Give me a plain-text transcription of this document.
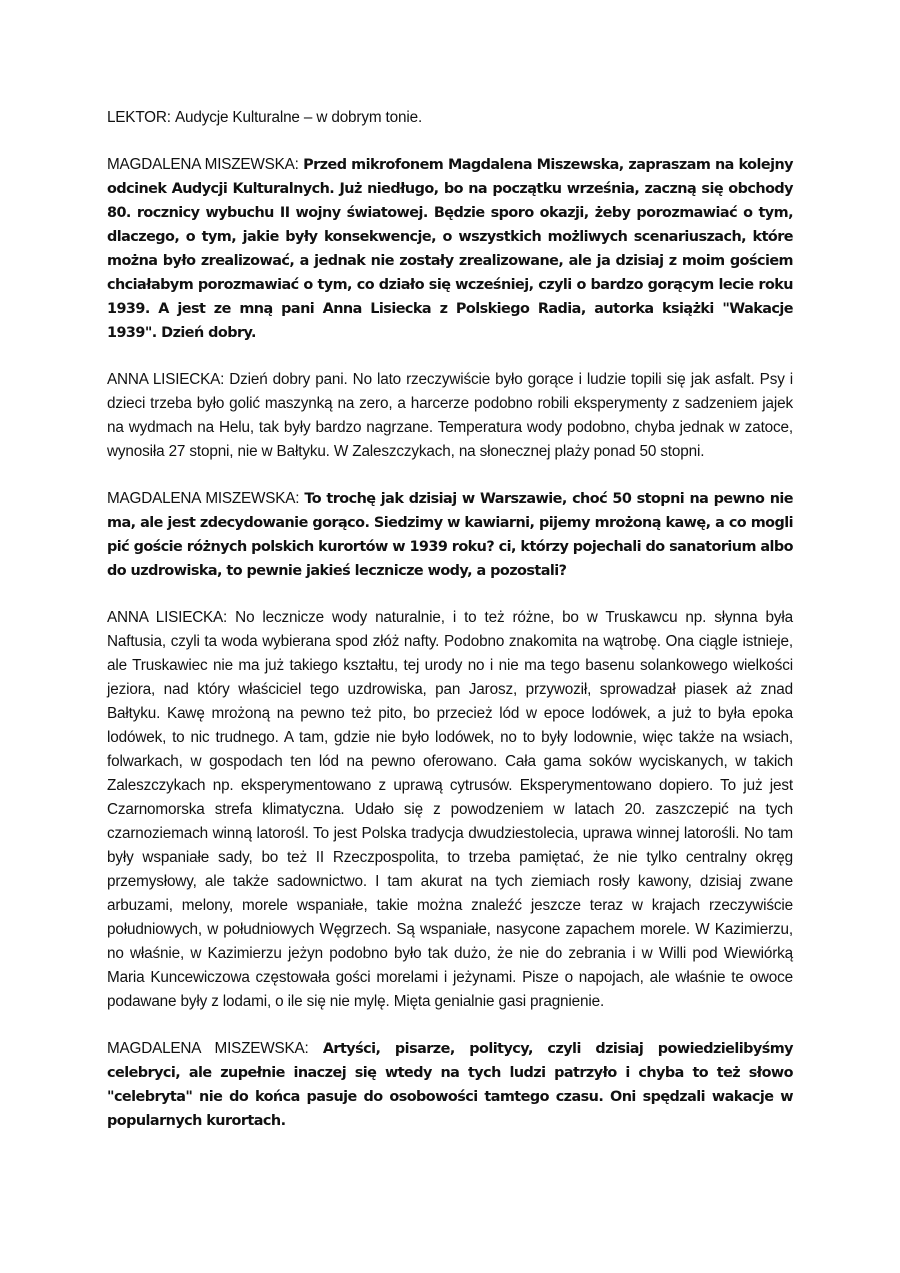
LEKTOR: Audycje Kulturalne – w dobrym tonie.

MAGDALENA MISZEWSKA: Przed mikrofonem Magdalena Miszewska, zapraszam na kolejny odcinek Audycji Kulturalnych. Już niedługo, bo na początku września, zaczną się obchody 80. rocznicy wybuchu II wojny światowej. Będzie sporo okazji, żeby porozmawiać o tym, dlaczego, o tym, jakie były konsekwencje, o wszystkich możliwych scenariuszach, które można było zrealizować, a jednak nie zostały zrealizowane, ale ja dzisiaj z moim gościem chciałabym porozmawiać o tym, co działo się wcześniej, czyli o bardzo gorącym lecie roku 1939. A jest ze mną pani Anna Lisiecka z Polskiego Radia, autorka książki "Wakacje 1939". Dzień dobry.

ANNA LISIECKA: Dzień dobry pani. No lato rzeczywiście było gorące i ludzie topili się jak asfalt. Psy i dzieci trzeba było golić maszynką na zero, a harcerze podobno robili eksperymenty z sadzeniem jajek na wydmach na Helu, tak były bardzo nagrzane. Temperatura wody podobno, chyba jednak w zatoce, wynosiła 27 stopni, nie w Bałtyku. W Zaleszczykach, na słonecznej plaży ponad 50 stopni.

MAGDALENA MISZEWSKA: To trochę jak dzisiaj w Warszawie, choć 50 stopni na pewno nie ma, ale jest zdecydowanie gorąco. Siedzimy w kawiarni, pijemy mrożoną kawę, a co mogli pić goście różnych polskich kurortów w 1939 roku? ci, którzy pojechali do sanatorium albo do uzdrowiska, to pewnie jakieś lecznicze wody, a pozostali?

ANNA LISIECKA: No lecznicze wody naturalnie, i to też różne, bo w Truskawcu np. słynna była Naftusia, czyli ta woda wybierana spod złóż nafty. Podobno znakomita na wątrobę. Ona ciągle istnieje, ale Truskawiec nie ma już takiego kształtu, tej urody no i nie ma tego basenu solankowego wielkości jeziora, nad który właściciel tego uzdrowiska, pan Jarosz, przywoził, sprowadzał piasek aż znad Bałtyku. Kawę mrożoną na pewno też pito, bo przecież lód w epoce lodówek, a już to była epoka lodówek, to nic trudnego. A tam, gdzie nie było lodówek, no to były lodownie, więc także na wsiach, folwarkach, w gospodach ten lód na pewno oferowano. Cała gama soków wyciskanych, w takich Zaleszczykach np. eksperymentowano z uprawą cytrusów. Eksperymentowano dopiero. To już jest Czarnomorska strefa klimatyczna. Udało się z powodzeniem w latach 20. zaszczepić na tych czarnoziemach winną latorośl. To jest Polska tradycja dwudziestolecia, uprawa winnej latorośli. No tam były wspaniałe sady, bo też II Rzeczpospolita, to trzeba pamiętać, że nie tylko centralny okręg przemysłowy, ale także sadownictwo. I tam akurat na tych ziemiach rosły kawony, dzisiaj zwane arbuzami, melony, morele wspaniałe, takie można znaleźć jeszcze teraz w krajach rzeczywiście południowych, w południowych Węgrzech. Są wspaniałe, nasycone zapachem morele. W Kazimierzu, no właśnie, w Kazimierzu jeżyn podobno było tak dużo, że nie do zebrania i w Willi pod Wiewiórką Maria Kuncewiczowa częstowała gości morelami i jeżynami. Pisze o napojach, ale właśnie te owoce podawane były z lodami, o ile się nie mylę. Mięta genialnie gasi pragnienie.

MAGDALENA MISZEWSKA: Artyści, pisarze, politycy, czyli dzisiaj powiedzielibyśmy celebryci, ale zupełnie inaczej się wtedy na tych ludzi patrzyło i chyba to też słowo "celebryta" nie do końca pasuje do osobowości tamtego czasu. Oni spędzali wakacje w popularnych kurortach.
